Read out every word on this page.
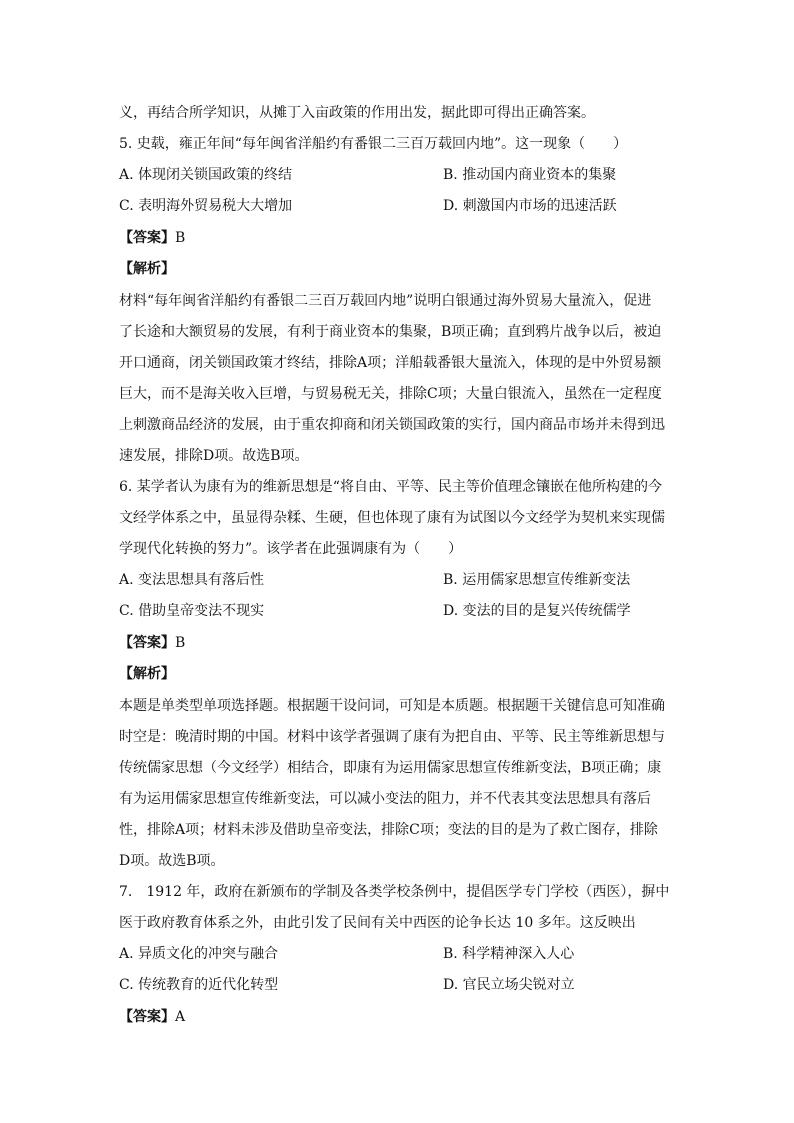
义，再结合所学知识，从摊丁入亩政策的作用出发，据此即可得出正确答案。
5. 史载，雍正年间“每年闽省洋船约有番银二三百万载回内地”。这一现象（　　）
A. 体现闭关锁国政策的终结	B. 推动国内商业资本的集聚
C. 表明海外贸易税大大增加	D. 刺激国内市场的迅速活跃
【答案】B
【解析】
材料“每年闽省洋船约有番银二三百万载回内地”说明白银通过海外贸易大量流入，促进
了长途和大额贸易的发展，有利于商业资本的集聚，B项正确；直到鸦片战争以后，被迫
开口通商，闭关锁国政策才终结，排除A项；洋船载番银大量流入，体现的是中外贸易额
巨大，而不是海关收入巨增，与贸易税无关，排除C项；大量白银流入，虽然在一定程度
上刺激商品经济的发展，由于重农抑商和闭关锁国政策的实行，国内商品市场并未得到迅
速发展，排除D项。故选B项。
6. 某学者认为康有为的维新思想是“将自由、平等、民主等价值理念镶嵌在他所构建的今
文经学体系之中，虽显得杂糅、生硬，但也体现了康有为试图以今文经学为契机来实现儒
学现代化转换的努力”。该学者在此强调康有为（　　）
A. 变法思想具有落后性	B. 运用儒家思想宣传维新变法
C. 借助皇帝变法不现实	D. 变法的目的是复兴传统儒学
【答案】B
【解析】
本题是单类型单项选择题。根据题干设问词，可知是本质题。根据题干关键信息可知准确
时空是：晚清时期的中国。材料中该学者强调了康有为把自由、平等、民主等维新思想与
传统儒家思想（今文经学）相结合，即康有为运用儒家思想宣传维新变法，B项正确；康
有为运用儒家思想宣传维新变法，可以减小变法的阻力，并不代表其变法思想具有落后
性，排除A项；材料未涉及借助皇帝变法，排除C项；变法的目的是为了救亡图存，排除
D项。故选B项。
7.　1912 年，政府在新颁布的学制及各类学校条例中，提倡医学专门学校（西医），摒中
医于政府教育体系之外，由此引发了民间有关中西医的论争长达 10 多年。这反映出
A. 异质文化的冲突与融合	B. 科学精神深入人心
C. 传统教育的近代化转型	D. 官民立场尖锐对立
【答案】A
